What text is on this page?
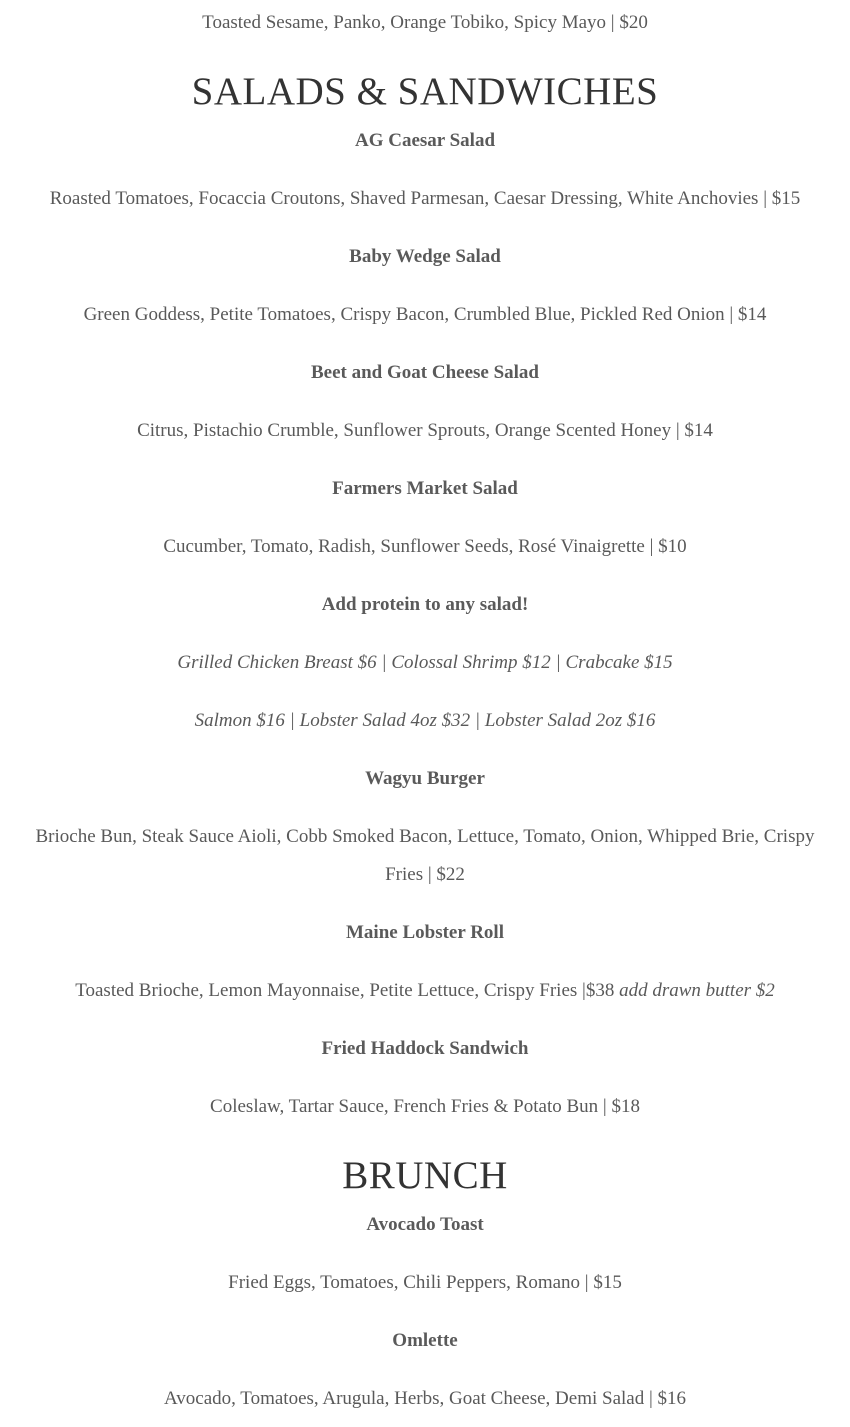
Toasted Sesame, Panko, Orange Tobiko, Spicy Mayo | $20
SALADS & SANDWICHES
AG Caesar Salad
Roasted Tomatoes, Focaccia Croutons, Shaved Parmesan, Caesar Dressing, White Anchovies | $15
Baby Wedge Salad
Green Goddess, Petite Tomatoes, Crispy Bacon, Crumbled Blue, Pickled Red Onion | $14
Beet and Goat Cheese Salad
Citrus, Pistachio Crumble, Sunflower Sprouts, Orange Scented Honey | $14
Farmers Market Salad
Cucumber, Tomato, Radish, Sunflower Seeds, Rosé Vinaigrette | $10
Add protein to any salad!
Grilled Chicken Breast $6 | Colossal Shrimp $12 | Crabcake $15
Salmon $16 | Lobster Salad 4oz $32 | Lobster Salad 2oz $16
Wagyu Burger
Brioche Bun, Steak Sauce Aioli, Cobb Smoked Bacon, Lettuce, Tomato, Onion, Whipped Brie, Crispy Fries | $22
Maine Lobster Roll
Toasted Brioche, Lemon Mayonnaise, Petite Lettuce, Crispy Fries |$38 add drawn butter $2
Fried Haddock Sandwich
Coleslaw, Tartar Sauce, French Fries & Potato Bun | $18
BRUNCH
Avocado Toast
Fried Eggs, Tomatoes, Chili Peppers, Romano | $15
Omlette
Avocado, Tomatoes, Arugula, Herbs, Goat Cheese, Demi Salad | $16
